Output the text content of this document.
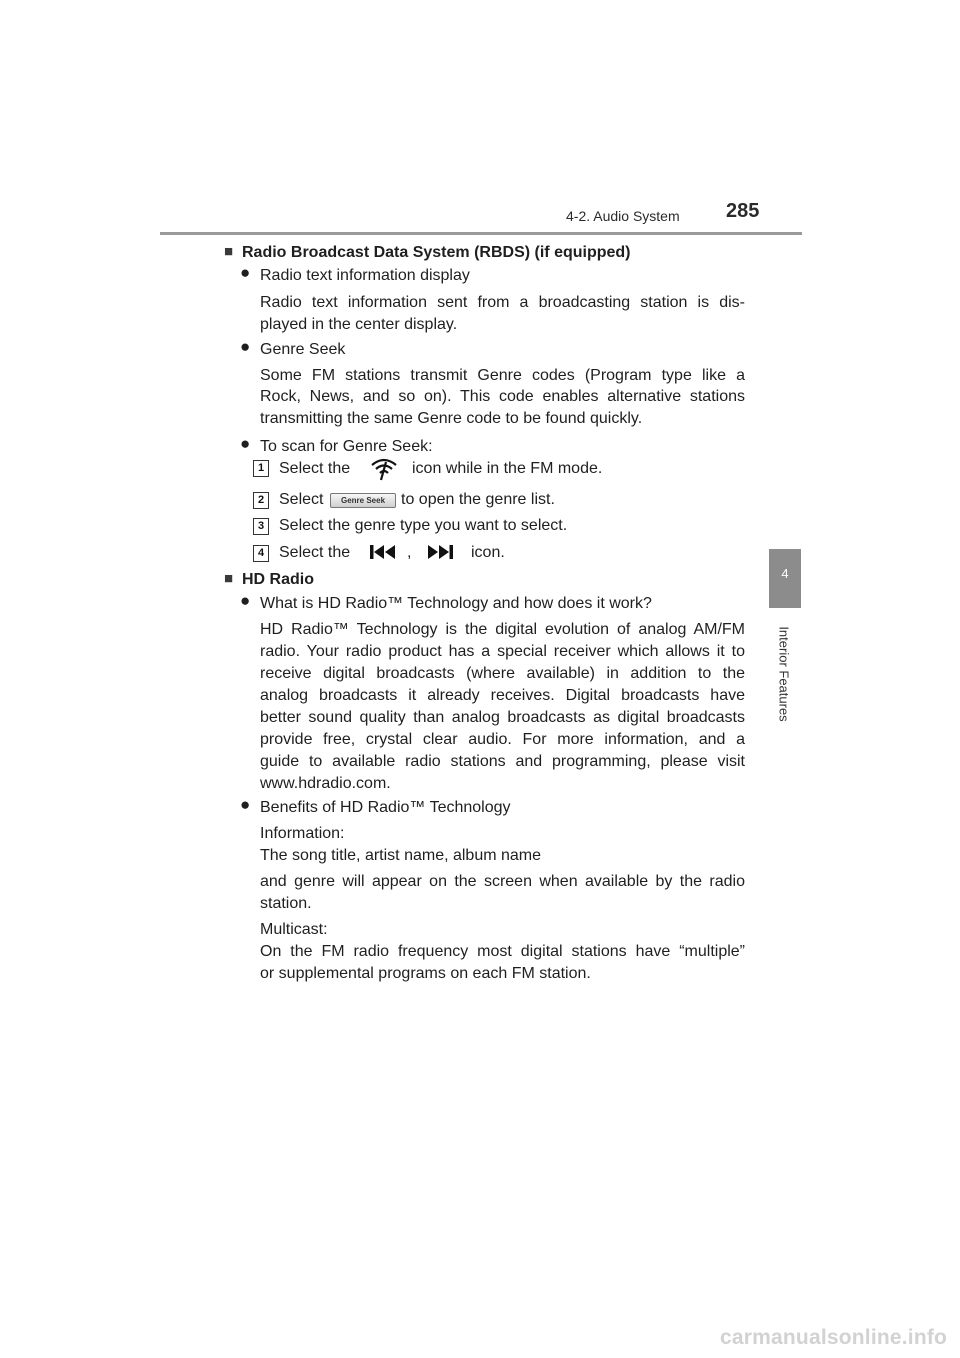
4-2. Audio System 285
4
Interior Features
■ Radio Broadcast Data System (RBDS) (if equipped)
● Radio text information display
Radio text information sent from a broadcasting station is dis-
played in the center display.
● Genre Seek
Some FM stations transmit Genre codes (Program type like a
Rock, News, and so on). This code enables alternative stations
transmitting the same Genre code to be found quickly.
● To scan for Genre Seek:
1 Select the	icon while in the FM mode.
2 Select	Genre Seek to open the genre list.
3 Select the genre type you want to select.
4 Select the	,	icon.
■ HD Radio
● What is HD Radio™ Technology and how does it work?
HD Radio™ Technology is the digital evolution of analog AM/FM
radio. Your radio product has a special receiver which allows it to
receive digital broadcasts (where available) in addition to the
analog broadcasts it already receives. Digital broadcasts have
better sound quality than analog broadcasts as digital broadcasts
provide free, crystal clear audio. For more information, and a
guide to available radio stations and programming, please visit
www.hdradio.com.
● Benefits of HD Radio™ Technology
Information:
The song title, artist name, album name
and genre will appear on the screen when available by the radio
station.
Multicast:
On the FM radio frequency most digital stations have “multiple”
or supplemental programs on each FM station.
carmanualsonline.info
